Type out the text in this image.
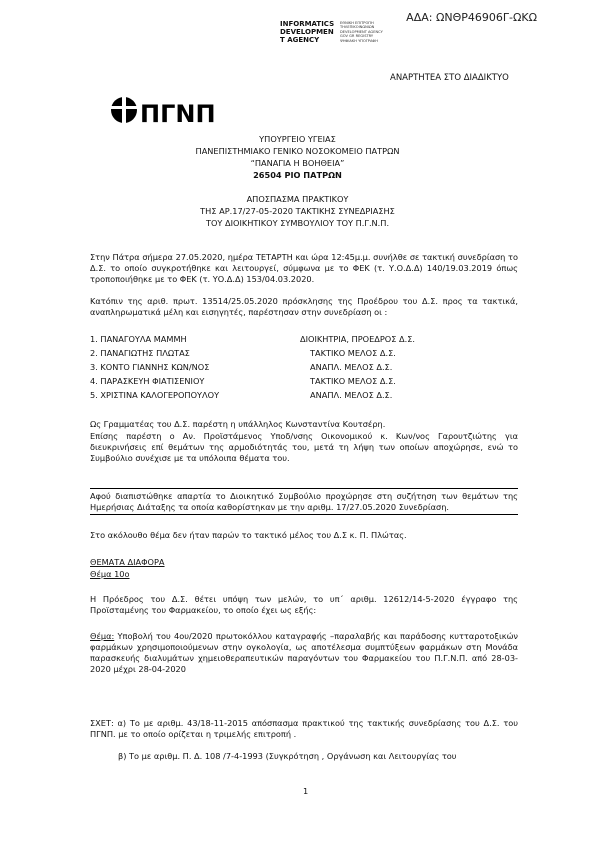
ΑΔΑ: ΩΝΘΡ46906Γ-ΩΚΩ
INFORMATICS
DEVELOPMEN
T AGENCY
ΕΘΝΙΚΗ ΕΠΙΤΡΟΠΗ
ΤΗΛΕΠΙΚΟΙΝΩΝΙΩΝ
DEVELOPMENT AGENCY
GOV GR REGISTRY
ΨΗΦΙΑΚΗ ΥΠΟΓΡΑΦΗ
ΑΝΑΡΤΗΤΕΑ ΣΤΟ ΔΙΑΔΙΚΤΥΟ
ΠΓΝΠ
ΥΠΟΥΡΓΕΙΟ ΥΓΕΙΑΣ
ΠΑΝΕΠΙΣΤΗΜΙΑΚΟ ΓΕΝΙΚΟ ΝΟΣΟΚΟΜΕΙΟ ΠΑΤΡΩΝ
“ΠΑΝΑΓΙΑ Η ΒΟΗΘΕΙΑ”
26504 ΡΙΟ ΠΑΤΡΩΝ
ΑΠΟΣΠΑΣΜΑ ΠΡΑΚΤΙΚΟΥ
ΤΗΣ ΑΡ.17/27-05-2020 ΤΑΚΤΙΚΗΣ ΣΥΝΕΔΡΙΑΣΗΣ
ΤΟΥ ΔΙΟΙΚΗΤΙΚΟΥ ΣΥΜΒΟΥΛΙΟΥ ΤΟΥ Π.Γ.Ν.Π.
Στην Πάτρα σήμερα 27.05.2020, ημέρα ΤΕΤΑΡΤΗ και ώρα 12:45μ.μ. συνήλθε σε τακτική συνεδρίαση το Δ.Σ. το οποίο συγκροτήθηκε και λειτουργεί, σύμφωνα με το ΦΕΚ (τ. Υ.Ο.Δ.Δ) 140/19.03.2019 όπως τροποποιήθηκε με το ΦΕΚ (τ. ΥΟ.Δ.Δ) 153/04.03.2020.
Κατόπιν της αριθ. πρωτ. 13514/25.05.2020 πρόσκλησης της Προέδρου του Δ.Σ. προς τα τακτικά, αναπληρωματικά μέλη και εισηγητές, παρέστησαν στην συνεδρίαση οι :
1. ΠΑΝΑΓΟΥΛΑ ΜΑΜΜΗ	ΔΙΟΙΚΗΤΡΙΑ, ΠΡΟΕΔΡΟΣ Δ.Σ.
2. ΠΑΝΑΓΙΩΤΗΣ ΠΛΩΤΑΣ	ΤΑΚΤΙΚΟ ΜΕΛΟΣ Δ.Σ.
3. ΚΟΝΤΟ ΓΙΑΝΝΗΣ ΚΩΝ/ΝΟΣ	ΑΝΑΠΛ. ΜΕΛΟΣ Δ.Σ.
4. ΠΑΡΑΣΚΕΥΗ ΦΙΑΤΙΣΕΝΙΟΥ	ΤΑΚΤΙΚΟ ΜΕΛΟΣ Δ.Σ.
5. ΧΡΙΣΤΙΝΑ ΚΑΛΟΓΕΡΟΠΟΥΛΟΥ	ΑΝΑΠΛ. ΜΕΛΟΣ Δ.Σ.
Ως Γραμματέας του Δ.Σ. παρέστη η υπάλληλος Κωνσταντίνα Κουτσέρη.
Επίσης παρέστη ο Αν. Προϊστάμενος Υποδ/νσης Οικονομικού κ. Κων/νος Γαρουτζιώτης για διευκρινήσεις επί θεμάτων της αρμοδιότητάς του, μετά τη λήψη των οποίων αποχώρησε, ενώ το Συμβούλιο συνέχισε με τα υπόλοιπα θέματα του.
Αφού διαπιστώθηκε απαρτία το Διοικητικό Συμβούλιο προχώρησε στη συζήτηση των θεμάτων της Ημερήσιας Διάταξης τα οποία καθορίστηκαν με την αριθμ. 17/27.05.2020 Συνεδρίαση.
Στο ακόλουθο θέμα δεν ήταν παρών το τακτικό μέλος του Δ.Σ κ. Π. Πλώτας.
ΘΕΜΑΤΑ ΔΙΑΦΟΡΑ
Θέμα 10ο
Η Πρόεδρος του Δ.Σ. θέτει υπόψη των μελών, το υπ΄ αριθμ. 12612/14-5-2020 έγγραφο της Προϊσταμένης του Φαρμακείου, το οποίο έχει ως εξής:
Θέμα: Υποβολή του 4ου/2020 πρωτοκόλλου καταγραφής –παραλαβής και παράδοσης κυτταροτοξικών φαρμάκων χρησιμοποιούμενων στην ογκολογία, ως αποτέλεσμα συμπτύξεων φαρμάκων στη Μονάδα παρασκευής διαλυμάτων χημειοθεραπευτικών παραγόντων του Φαρμακείου του Π.Γ.Ν.Π. από 28-03-2020 μέχρι 28-04-2020
ΣΧΕΤ: α) Το με αριθμ. 43/18-11-2015 απόσπασμα πρακτικού της τακτικής συνεδρίασης του Δ.Σ. του ΠΓΝΠ. με το οποίο ορίζεται η τριμελής επιτροπή .
β) Το με αριθμ. Π. Δ. 108 /7-4-1993 (Συγκρότηση , Οργάνωση και Λειτουργίας του
1
